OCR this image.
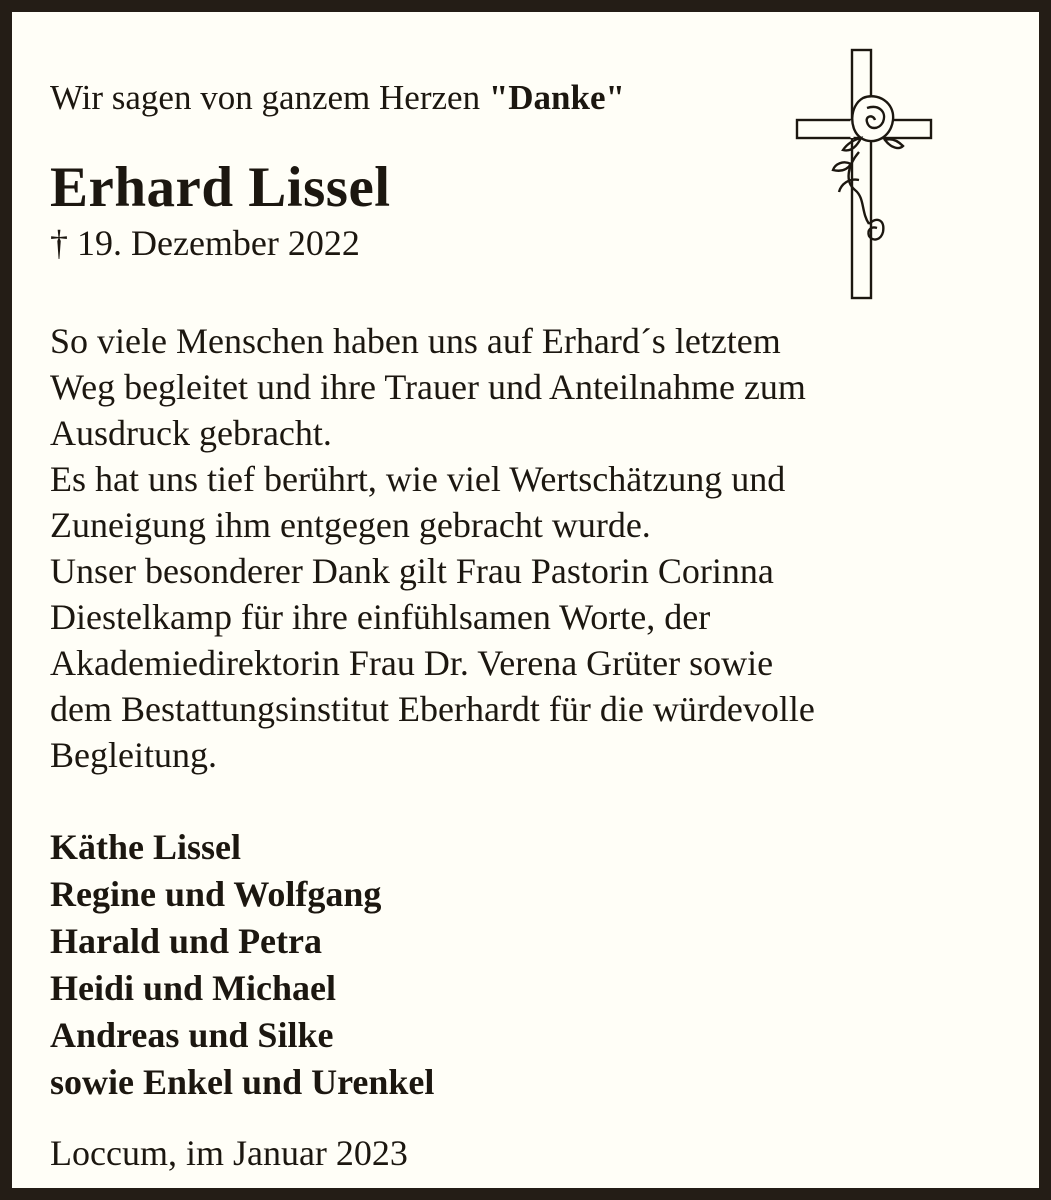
Wir sagen von ganzem Herzen "Danke"

Erhard Lissel

† 19. Dezember 2022

So viele Menschen haben uns auf Erhard´s letztem
Weg begleitet und ihre Trauer und Anteilnahme zum
Ausdruck gebracht.
Es hat uns tief berührt, wie viel Wertschätzung und
Zuneigung ihm entgegen gebracht wurde.
Unser besonderer Dank gilt Frau Pastorin Corinna
Diestelkamp für ihre einfühlsamen Worte, der
Akademiedirektorin Frau Dr. Verena Grüter sowie
dem Bestattungsinstitut Eberhardt für die würdevolle
Begleitung.
Käthe Lissel
Regine und Wolfgang
Harald und Petra
Heidi und Michael
Andreas und Silke
sowie Enkel und Urenkel

Loccum, im Januar 2023
